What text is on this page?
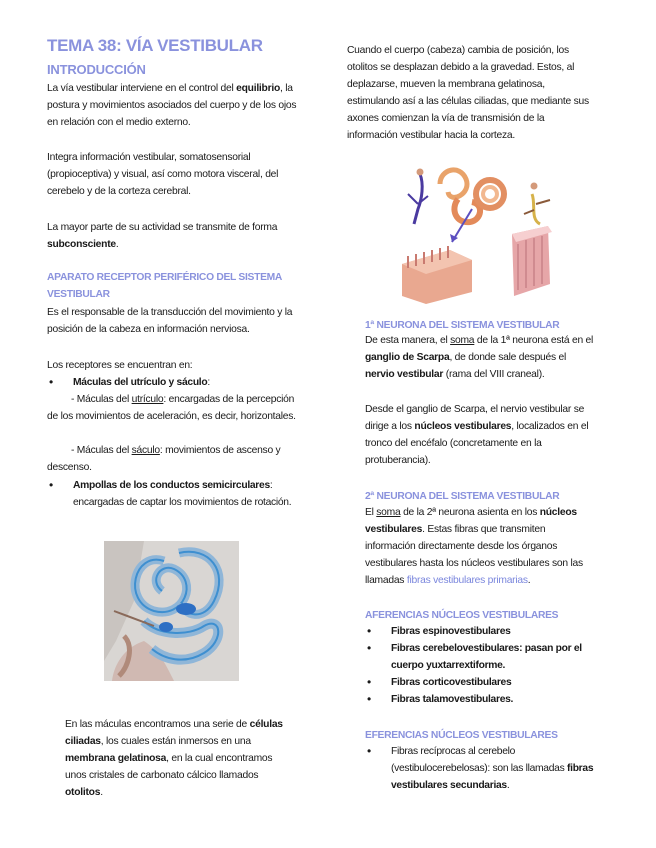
TEMA 38: VÍA VESTIBULAR
INTRODUCCIÓN

La vía vestibular interviene en el control del equilibrio, la postura y movimientos asociados del cuerpo y de los ojos en relación con el medio externo.

Integra información vestibular, somatosensorial (propioceptiva) y visual, así como motora visceral, del cerebelo y de la corteza cerebral.

La mayor parte de su actividad se transmite de forma subconsciente.

APARATO RECEPTOR PERIFÉRICO DEL SISTEMA VESTIBULAR

Es el responsable de la transducción del movimiento y la posición de la cabeza en información nerviosa.

Los receptores se encuentran en:

• Máculas del utrículo y sáculo:

- Máculas del utrículo: encargadas de la percepción de los movimientos de aceleración, es decir, horizontales.

- Máculas del sáculo: movimientos de ascenso y descenso.

• Ampollas de los conductos semicirculares: encargadas de captar los movimientos de rotación.

En las máculas encontramos una serie de células ciliadas, los cuales están inmersos en una membrana gelatinosa, en la cual encontramos unos cristales de carbonato cálcico llamados otolitos.

Cuando el cuerpo (cabeza) cambia de posición, los otolitos se desplazan debido a la gravedad. Estos, al deplazarse, mueven la membrana gelatinosa, estimulando así a las células ciliadas, que mediante sus axones comienzan la vía de transmisión de la información vestibular hacia la corteza.

1ª NEURONA DEL SISTEMA VESTIBULAR

De esta manera, el soma de la 1ª neurona está en el ganglio de Scarpa, de donde sale después el nervio vestibular (rama del VIII craneal).

Desde el ganglio de Scarpa, el nervio vestibular se dirige a los núcleos vestibulares, localizados en el tronco del encéfalo (concretamente en la protuberancia).

2ª NEURONA DEL SISTEMA VESTIBULAR

El soma de la 2ª neurona asienta en los núcleos vestibulares. Estas fibras que transmiten información directamente desde los órganos vestibulares hasta los núcleos vestibulares son las llamadas fibras vestibulares primarias.

AFERENCIAS NÚCLEOS VESTIBULARES
• Fibras espinovestibulares
• Fibras cerebelovestibulares: pasan por el cuerpo yuxtarrextiforme.
• Fibras corticovestibulares
• Fibras talamovestibulares.
EFERENCIAS NÚCLEOS VESTIBULARES
• Fibras recíprocas al cerebelo (vestibulocerebelosas): son las llamadas fibras vestibulares secundarias.
